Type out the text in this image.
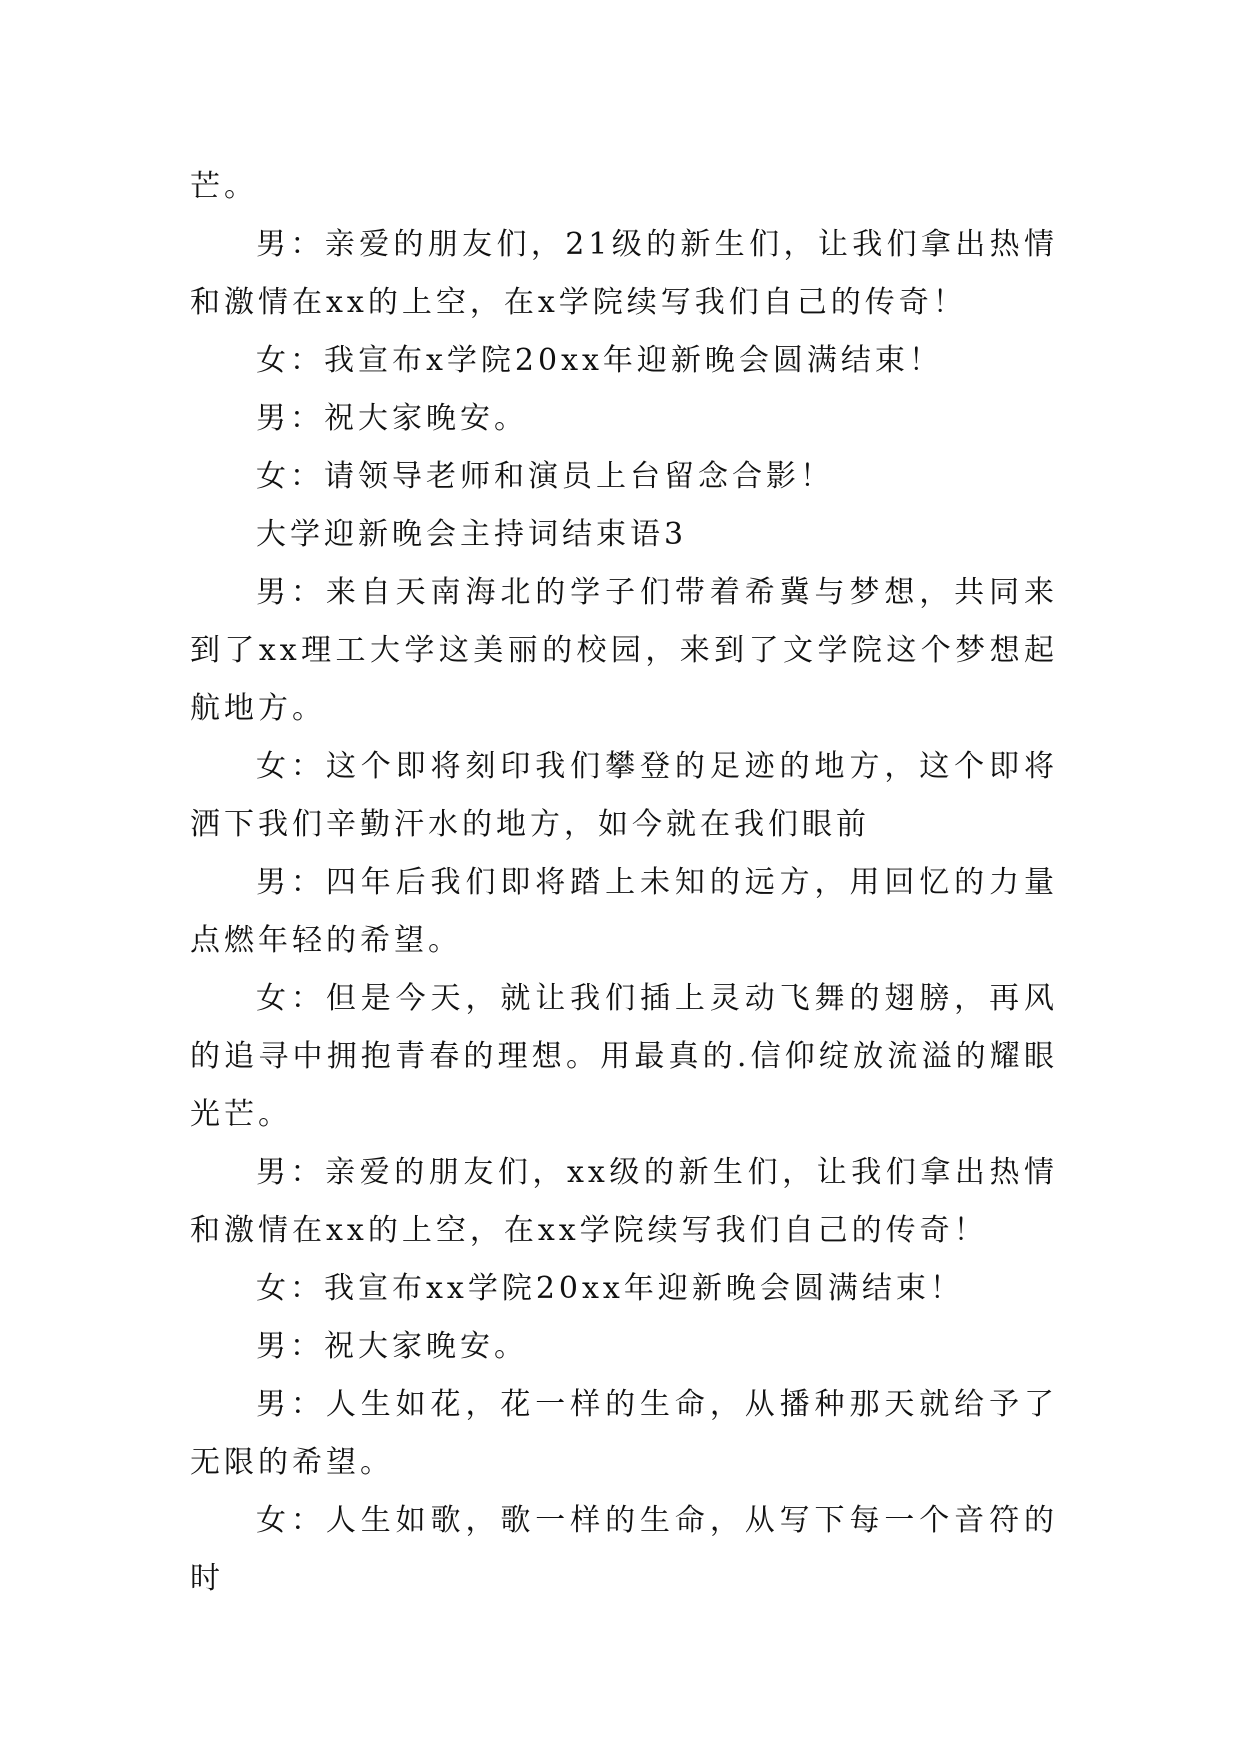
芒。

男：亲爱的朋友们，21级的新生们，让我们拿出热情和激情在xx的上空，在x学院续写我们自己的传奇！

女：我宣布x学院20xx年迎新晚会圆满结束！

男：祝大家晚安。

女：请领导老师和演员上台留念合影！

大学迎新晚会主持词结束语3

男：来自天南海北的学子们带着希冀与梦想，共同来到了xx理工大学这美丽的校园，来到了文学院这个梦想起航地方。

女：这个即将刻印我们攀登的足迹的地方，这个即将洒下我们辛勤汗水的地方，如今就在我们眼前

男：四年后我们即将踏上未知的远方，用回忆的力量点燃年轻的希望。

女：但是今天，就让我们插上灵动飞舞的翅膀，再风的追寻中拥抱青春的理想。用最真的.信仰绽放流溢的耀眼光芒。

男：亲爱的朋友们，xx级的新生们，让我们拿出热情和激情在xx的上空，在xx学院续写我们自己的传奇！

女：我宣布xx学院20xx年迎新晚会圆满结束！

男：祝大家晚安。

男：人生如花，花一样的生命，从播种那天就给予了无限的希望。

女：人生如歌，歌一样的生命，从写下每一个音符的时
